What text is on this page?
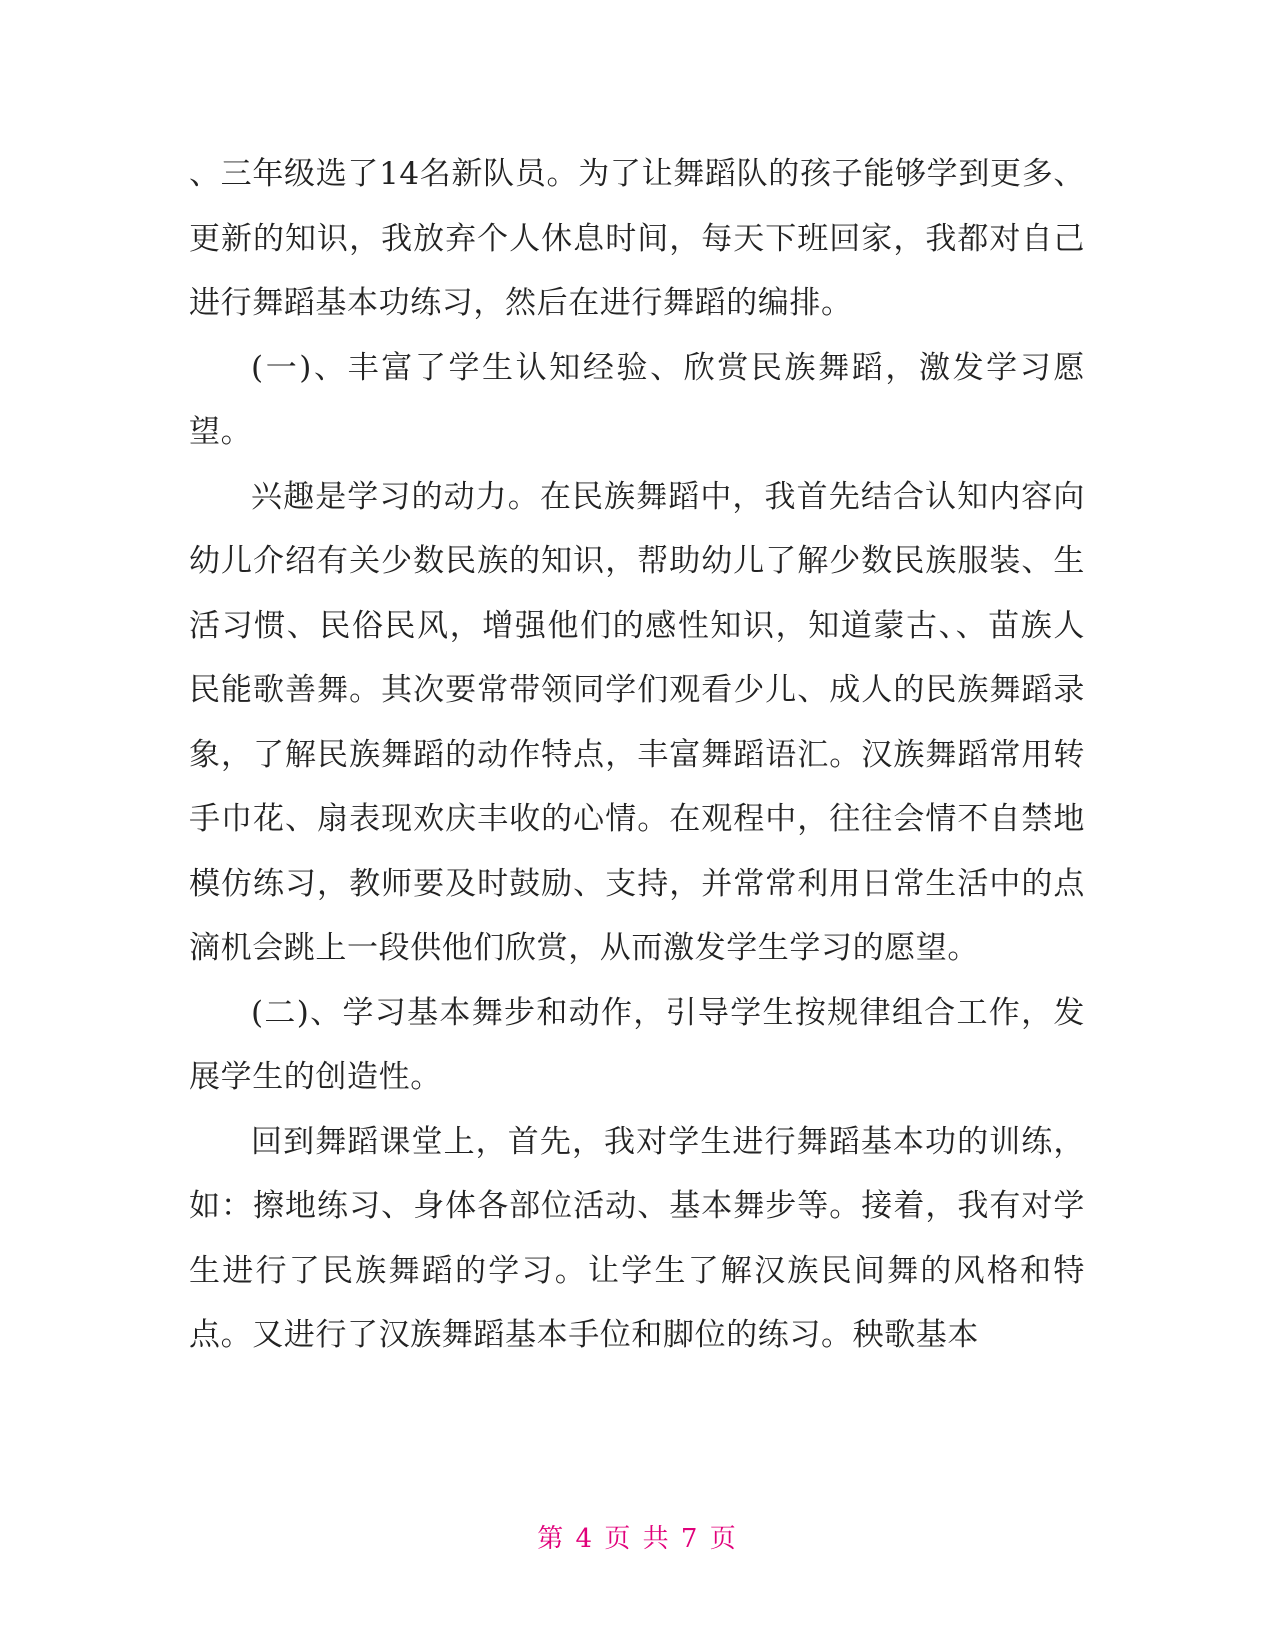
、三年级选了14名新队员。为了让舞蹈队的孩子能够学到更多、更新的知识，我放弃个人休息时间，每天下班回家，我都对自己进行舞蹈基本功练习，然后在进行舞蹈的编排。

(一)、丰富了学生认知经验、欣赏民族舞蹈，激发学习愿望。

兴趣是学习的动力。在民族舞蹈中，我首先结合认知内容向幼儿介绍有关少数民族的知识，帮助幼儿了解少数民族服装、生活习惯、民俗民风，增强他们的感性知识，知道蒙古、、苗族人民能歌善舞。其次要常带领同学们观看少儿、成人的民族舞蹈录象，了解民族舞蹈的动作特点，丰富舞蹈语汇。汉族舞蹈常用转手巾花、扇表现欢庆丰收的心情。在观程中，往往会情不自禁地模仿练习，教师要及时鼓励、支持，并常常利用日常生活中的点滴机会跳上一段供他们欣赏，从而激发学生学习的愿望。

(二)、学习基本舞步和动作，引导学生按规律组合工作，发展学生的创造性。

回到舞蹈课堂上，首先，我对学生进行舞蹈基本功的训练，如：擦地练习、身体各部位活动、基本舞步等。接着，我有对学生进行了民族舞蹈的学习。让学生了解汉族民间舞的风格和特点。又进行了汉族舞蹈基本手位和脚位的练习。秧歌基本

第 4 页 共 7 页
